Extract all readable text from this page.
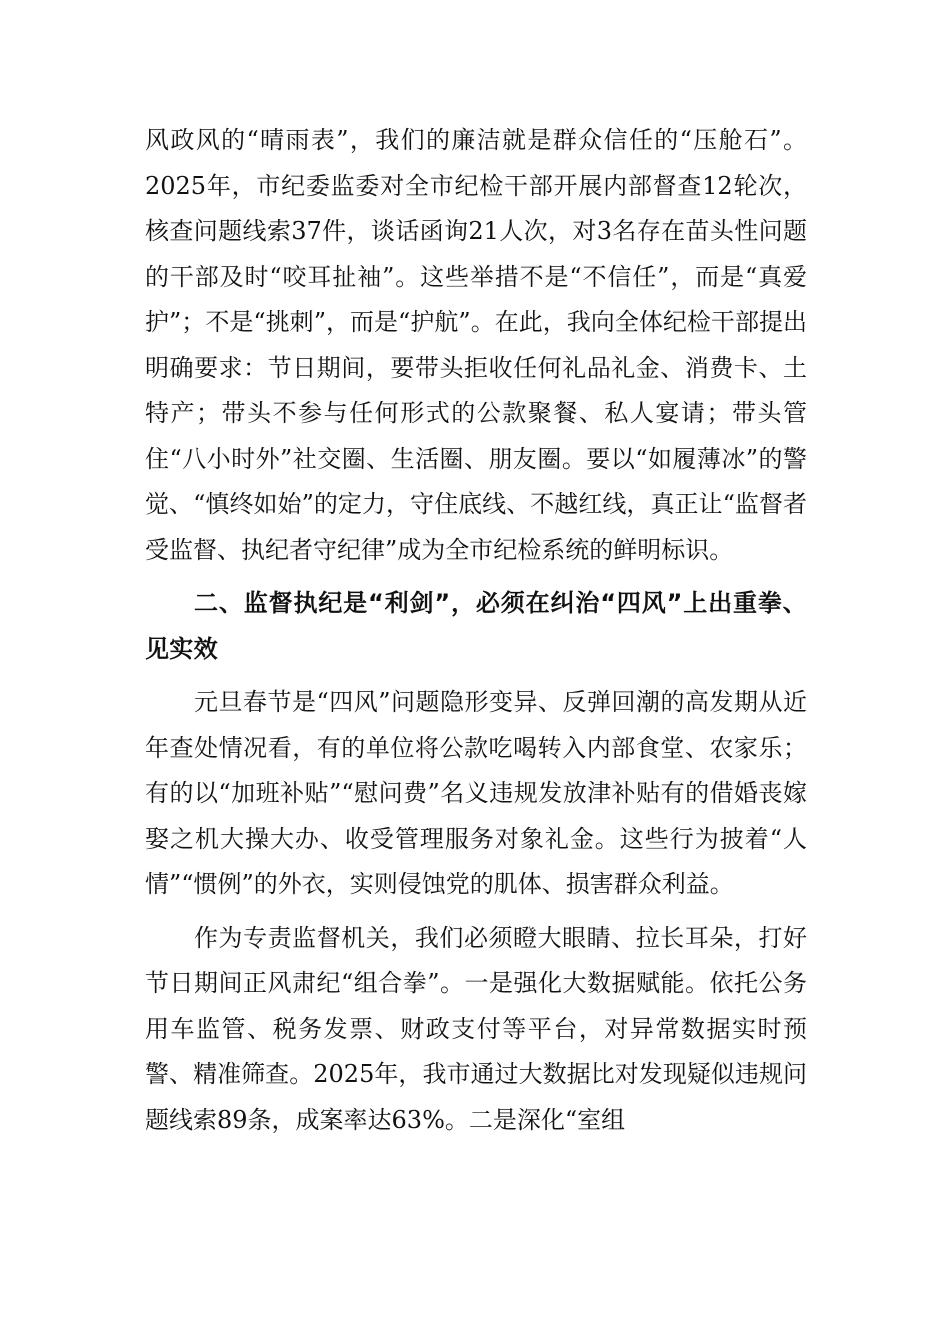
风政风的“晴雨表”，我们的廉洁就是群众信任的“压舱石”。2025年，市纪委监委对全市纪检干部开展内部督查12轮次，核查问题线索37件，谈话函询21人次，对3名存在苗头性问题的干部及时“咬耳扯袖”。这些举措不是“不信任”，而是“真爱护”；不是“挑刺”，而是“护航”。在此，我向全体纪检干部提出明确要求：节日期间，要带头拒收任何礼品礼金、消费卡、土特产；带头不参与任何形式的公款聚餐、私人宴请；带头管住“八小时外”社交圈、生活圈、朋友圈。要以“如履薄冰”的警觉、“慎终如始”的定力，守住底线、不越红线，真正让“监督者受监督、执纪者守纪律”成为全市纪检系统的鲜明标识。

二、监督执纪是“利剑”，必须在纠治“四风”上出重拳、见实效

元旦春节是“四风”问题隐形变异、反弹回潮的高发期从近年查处情况看，有的单位将公款吃喝转入内部食堂、农家乐；有的以“加班补贴”“慰问费”名义违规发放津补贴有的借婚丧嫁娶之机大操大办、收受管理服务对象礼金。这些行为披着“人情”“惯例”的外衣，实则侵蚀党的肌体、损害群众利益。

作为专责监督机关，我们必须瞪大眼睛、拉长耳朵，打好节日期间正风肃纪“组合拳”。一是强化大数据赋能。依托公务用车监管、税务发票、财政支付等平台，对异常数据实时预警、精准筛查。2025年，我市通过大数据比对发现疑似违规问题线索89条，成案率达63%。二是深化“室组
